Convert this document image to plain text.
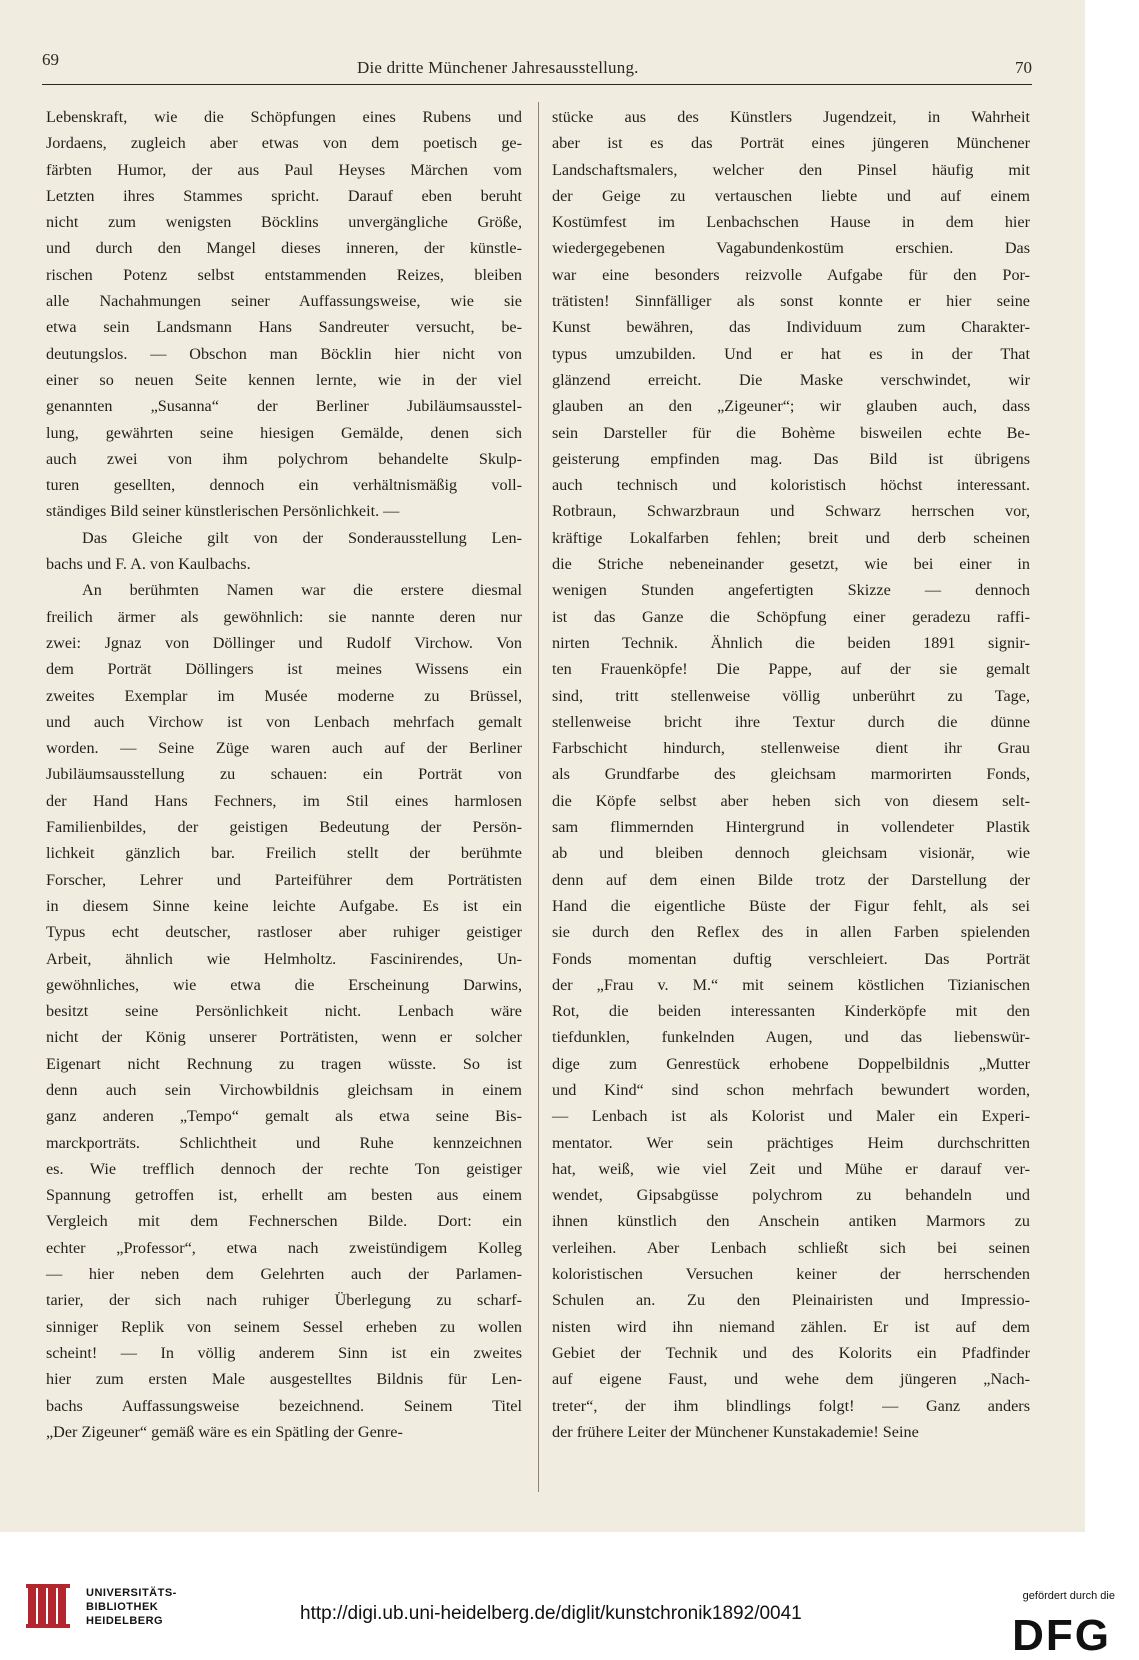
69	Die dritte Münchener Jahresausstellung.	70
Lebenskraft, wie die Schöpfungen eines Rubens und
Jordaens, zugleich aber etwas von dem poetisch ge-
färbten Humor, der aus Paul Heyses Märchen vom
Letzten ihres Stammes spricht. Darauf eben beruht
nicht zum wenigsten Böcklins unvergängliche Größe,
und durch den Mangel dieses inneren, der künstle-
rischen Potenz selbst entstammenden Reizes, bleiben
alle Nachahmungen seiner Auffassungsweise, wie sie
etwa sein Landsmann Hans Sandreuter versucht, be-
deutungslos. — Obschon man Böcklin hier nicht von
einer so neuen Seite kennen lernte, wie in der viel
genannten „Susanna“ der Berliner Jubiläumsausstel-
lung, gewährten seine hiesigen Gemälde, denen sich
auch zwei von ihm polychrom behandelte Skulp-
turen gesellten, dennoch ein verhältnismäßig voll-
ständiges Bild seiner künstlerischen Persönlichkeit. —
Das Gleiche gilt von der Sonderausstellung Len-
bachs und F. A. von Kaulbachs.
An berühmten Namen war die erstere diesmal
freilich ärmer als gewöhnlich: sie nannte deren nur
zwei: Jgnaz von Döllinger und Rudolf Virchow. Von
dem Porträt Döllingers ist meines Wissens ein
zweites Exemplar im Musée moderne zu Brüssel,
und auch Virchow ist von Lenbach mehrfach gemalt
worden. — Seine Züge waren auch auf der Berliner
Jubiläumsausstellung zu schauen: ein Porträt von
der Hand Hans Fechners, im Stil eines harmlosen
Familienbildes, der geistigen Bedeutung der Persön-
lichkeit gänzlich bar. Freilich stellt der berühmte
Forscher, Lehrer und Parteiführer dem Porträtisten
in diesem Sinne keine leichte Aufgabe. Es ist ein
Typus echt deutscher, rastloser aber ruhiger geistiger
Arbeit, ähnlich wie Helmholtz. Fascinirendes, Un-
gewöhnliches, wie etwa die Erscheinung Darwins,
besitzt seine Persönlichkeit nicht. Lenbach wäre
nicht der König unserer Porträtisten, wenn er solcher
Eigenart nicht Rechnung zu tragen wüsste. So ist
denn auch sein Virchowbildnis gleichsam in einem
ganz anderen „Tempo“ gemalt als etwa seine Bis-
marckporträts. Schlichtheit und Ruhe kennzeichnen
es. Wie trefflich dennoch der rechte Ton geistiger
Spannung getroffen ist, erhellt am besten aus einem
Vergleich mit dem Fechnerschen Bilde. Dort: ein
echter „Professor“, etwa nach zweistündigem Kolleg
— hier neben dem Gelehrten auch der Parlamen-
tarier, der sich nach ruhiger Überlegung zu scharf-
sinniger Replik von seinem Sessel erheben zu wollen
scheint! — In völlig anderem Sinn ist ein zweites
hier zum ersten Male ausgestelltes Bildnis für Len-
bachs Auffassungsweise bezeichnend. Seinem Titel
„Der Zigeuner“ gemäß wäre es ein Spätling der Genre-
stücke aus des Künstlers Jugendzeit, in Wahrheit
aber ist es das Porträt eines jüngeren Münchener
Landschaftsmalers, welcher den Pinsel häufig mit
der Geige zu vertauschen liebte und auf einem
Kostümfest im Lenbachschen Hause in dem hier
wiedergegebenen Vagabundenkostüm erschien. Das
war eine besonders reizvolle Aufgabe für den Por-
trätisten! Sinnfälliger als sonst konnte er hier seine
Kunst bewähren, das Individuum zum Charakter-
typus umzubilden. Und er hat es in der That
glänzend erreicht. Die Maske verschwindet, wir
glauben an den „Zigeuner“; wir glauben auch, dass
sein Darsteller für die Bohème bisweilen echte Be-
geisterung empfinden mag. Das Bild ist übrigens
auch technisch und koloristisch höchst interessant.
Rotbraun, Schwarzbraun und Schwarz herrschen vor,
kräftige Lokalfarben fehlen; breit und derb scheinen
die Striche nebeneinander gesetzt, wie bei einer in
wenigen Stunden angefertigten Skizze — dennoch
ist das Ganze die Schöpfung einer geradezu raffi-
nirten Technik. Ähnlich die beiden 1891 signir-
ten Frauenköpfe! Die Pappe, auf der sie gemalt
sind, tritt stellenweise völlig unberührt zu Tage,
stellenweise bricht ihre Textur durch die dünne
Farbschicht hindurch, stellenweise dient ihr Grau
als Grundfarbe des gleichsam marmorirten Fonds,
die Köpfe selbst aber heben sich von diesem selt-
sam flimmernden Hintergrund in vollendeter Plastik
ab und bleiben dennoch gleichsam visionär, wie
denn auf dem einen Bilde trotz der Darstellung der
Hand die eigentliche Büste der Figur fehlt, als sei
sie durch den Reflex des in allen Farben spielenden
Fonds momentan duftig verschleiert. Das Porträt
der „Frau v. M.“ mit seinem köstlichen Tizianischen
Rot, die beiden interessanten Kinderköpfe mit den
tiefdunklen, funkelnden Augen, und das liebenswür-
dige zum Genrestück erhobene Doppelbildnis „Mutter
und Kind“ sind schon mehrfach bewundert worden,
— Lenbach ist als Kolorist und Maler ein Experi-
mentator. Wer sein prächtiges Heim durchschritten
hat, weiß, wie viel Zeit und Mühe er darauf ver-
wendet, Gipsabgüsse polychrom zu behandeln und
ihnen künstlich den Anschein antiken Marmors zu
verleihen. Aber Lenbach schließt sich bei seinen
koloristischen Versuchen keiner der herrschenden
Schulen an. Zu den Pleinairisten und Impressio-
nisten wird ihn niemand zählen. Er ist auf dem
Gebiet der Technik und des Kolorits ein Pfadfinder
auf eigene Faust, und wehe dem jüngeren „Nach-
treter“, der ihm blindlings folgt! — Ganz anders
der frühere Leiter der Münchener Kunstakademie! Seine
UNIVERSITÄTS-
BIBLIOTHEK
HEIDELBERG	http://digi.ub.uni-heidelberg.de/diglit/kunstchronik1892/0041
gefördert durch die
DFG
